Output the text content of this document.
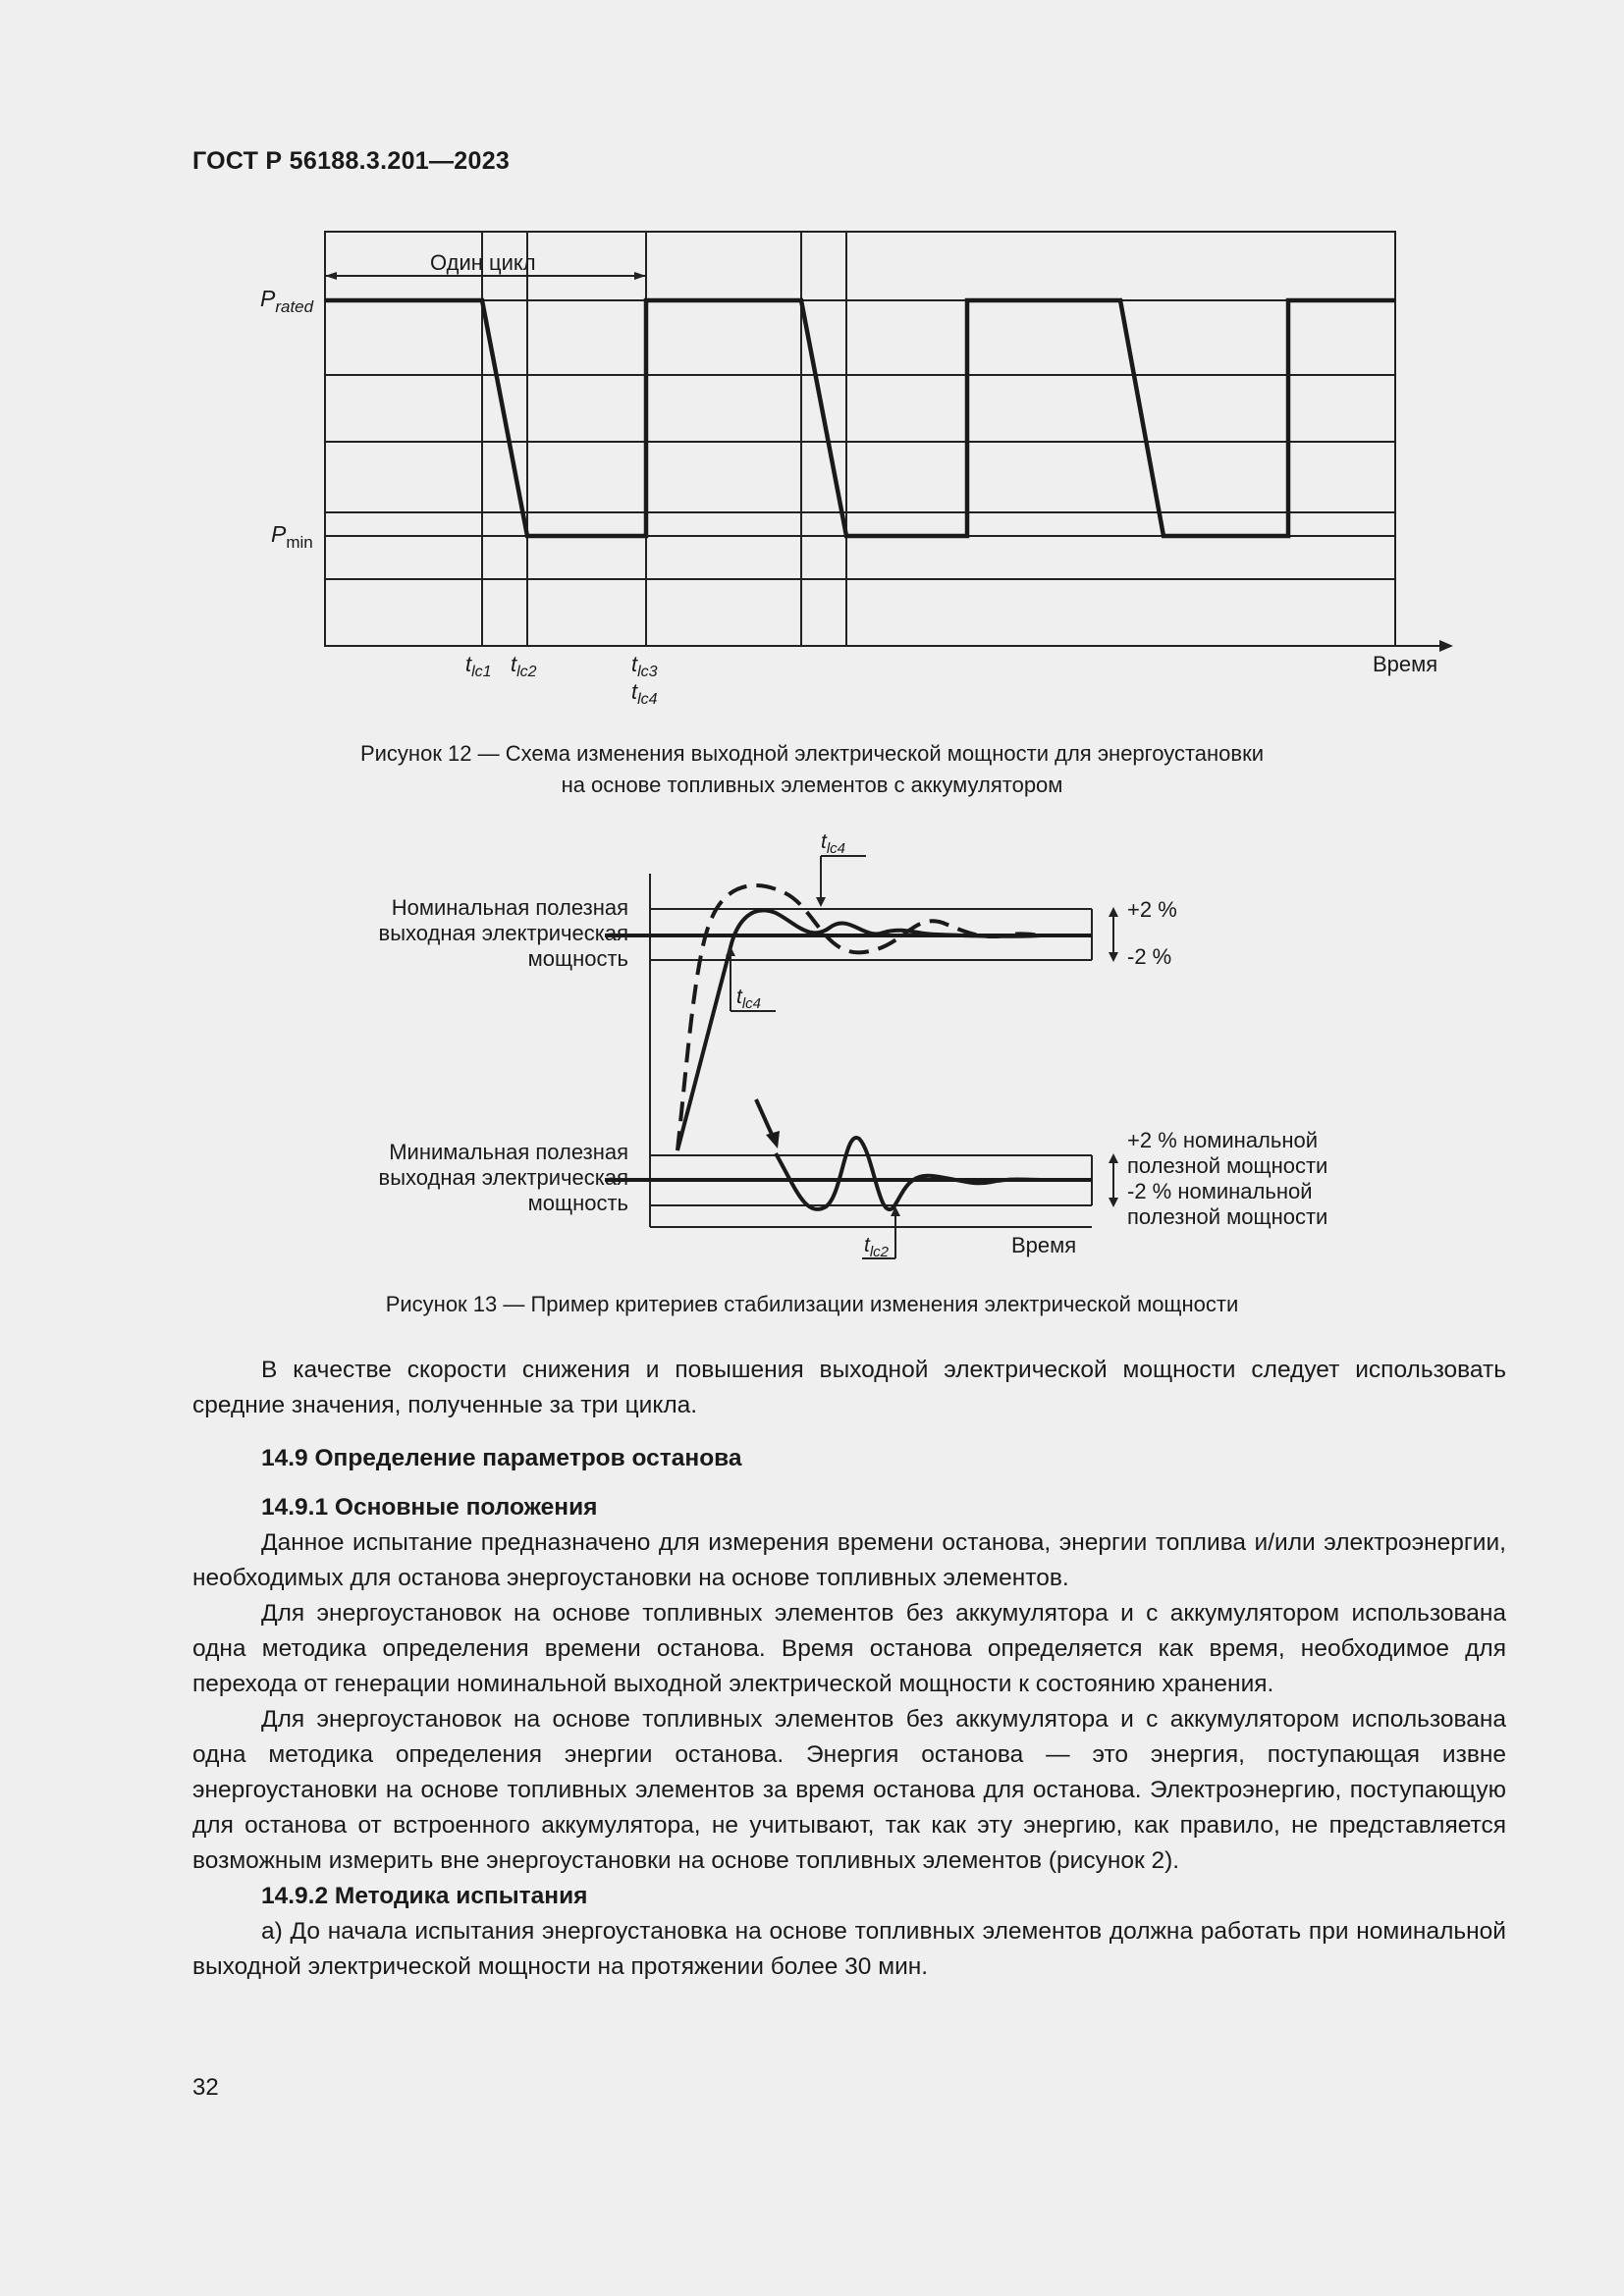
ГОСТ Р 56188.3.201—2023
Один цикл
$P_{rated}$
$P_{min}$
$t_{lc1}$ $t_{lc2}$	$t_{lc3}$
$t_{lc4}$
Время
Рисунок 12 — Схема изменения выходной электрической мощности для энергоустановки
на основе топливных элементов с аккумулятором
$t_{lc4}$
$t_{lc4}$
$t_{lc2}$	Время
Номинальная полезная
выходная электрическая
мощность
Минимальная полезная
выходная электрическая
мощность
+2 %
-2 %
+2 % номинальной
полезной мощности
-2 % номинальной
полезной мощности
Рисунок 13 — Пример критериев стабилизации изменения электрической мощности

В качестве скорости снижения и повышения выходной электрической мощности следует использовать средние значения, полученные за три цикла.

14.9 Определение параметров останова

14.9.1 Основные положения

Данное испытание предназначено для измерения времени останова, энергии топлива и/или электроэнергии, необходимых для останова энергоустановки на основе топливных элементов.

Для энергоустановок на основе топливных элементов без аккумулятора и с аккумулятором использована одна методика определения времени останова. Время останова определяется как время, необходимое для перехода от генерации номинальной выходной электрической мощности к состоянию хранения.

Для энергоустановок на основе топливных элементов без аккумулятора и с аккумулятором использована одна методика определения энергии останова. Энергия останова — это энергия, поступающая извне энергоустановки на основе топливных элементов за время останова для останова. Электроэнергию, поступающую для останова от встроенного аккумулятора, не учитывают, так как эту энергию, как правило, не представляется возможным измерить вне энергоустановки на основе топливных элементов (рисунок 2).

14.9.2 Методика испытания

а) До начала испытания энергоустановка на основе топливных элементов должна работать при номинальной выходной электрической мощности на протяжении более 30 мин.

32
